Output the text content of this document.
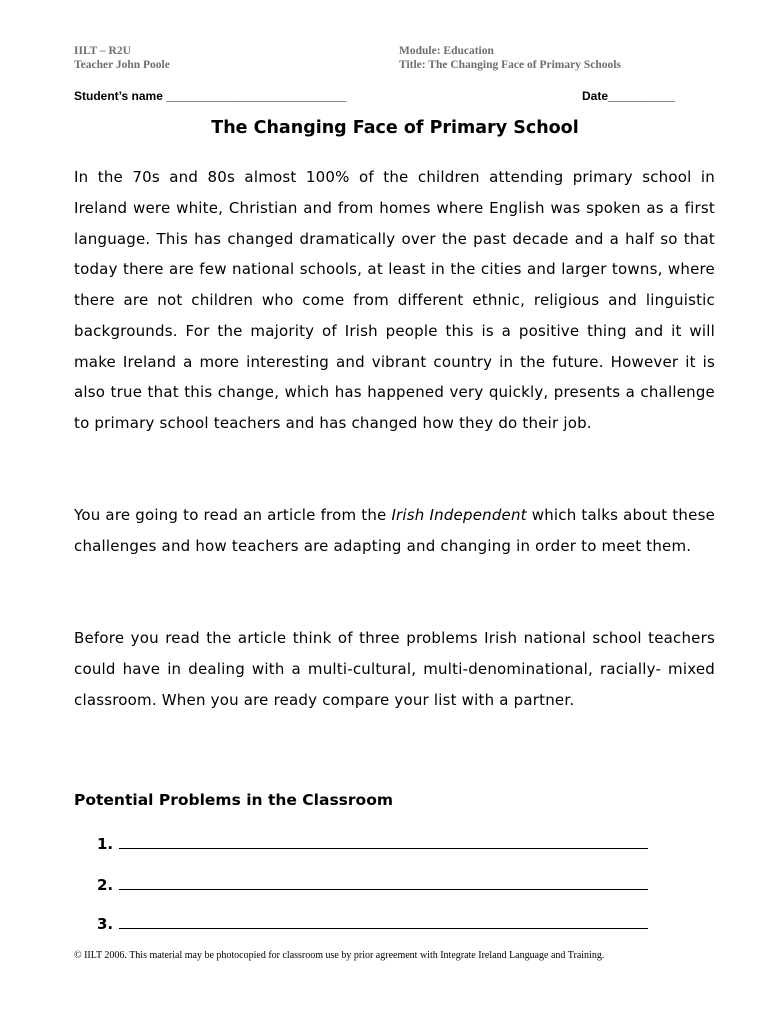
IILT – R2U
Teacher John Poole
Module: Education
Title: The Changing Face of Primary Schools
Student’s name ___________________________	Date__________
The Changing Face of Primary School
In the 70s and 80s almost 100% of the children attending primary school in Ireland were white, Christian and from homes where English was spoken as a first language. This has changed dramatically over the past decade and a half so that today there are few national schools, at least in the cities and larger towns, where there are not children who come from different ethnic, religious and linguistic backgrounds. For the majority of Irish people this is a positive thing and it will make Ireland a more interesting and vibrant country in the future. However it is also true that this change, which has happened very quickly, presents a challenge to primary school teachers and has changed how they do their job.
You are going to read an article from the Irish Independent which talks about these challenges and how teachers are adapting and changing in order to meet them.
Before you read the article think of three problems Irish national school teachers could have in dealing with a multi-cultural, multi-denominational, racially- mixed classroom. When you are ready compare your list with a partner.
Potential Problems in the Classroom
1.
2.
3.
© IILT 2006. This material may be photocopied for classroom use by prior agreement with Integrate Ireland Language and Training.
